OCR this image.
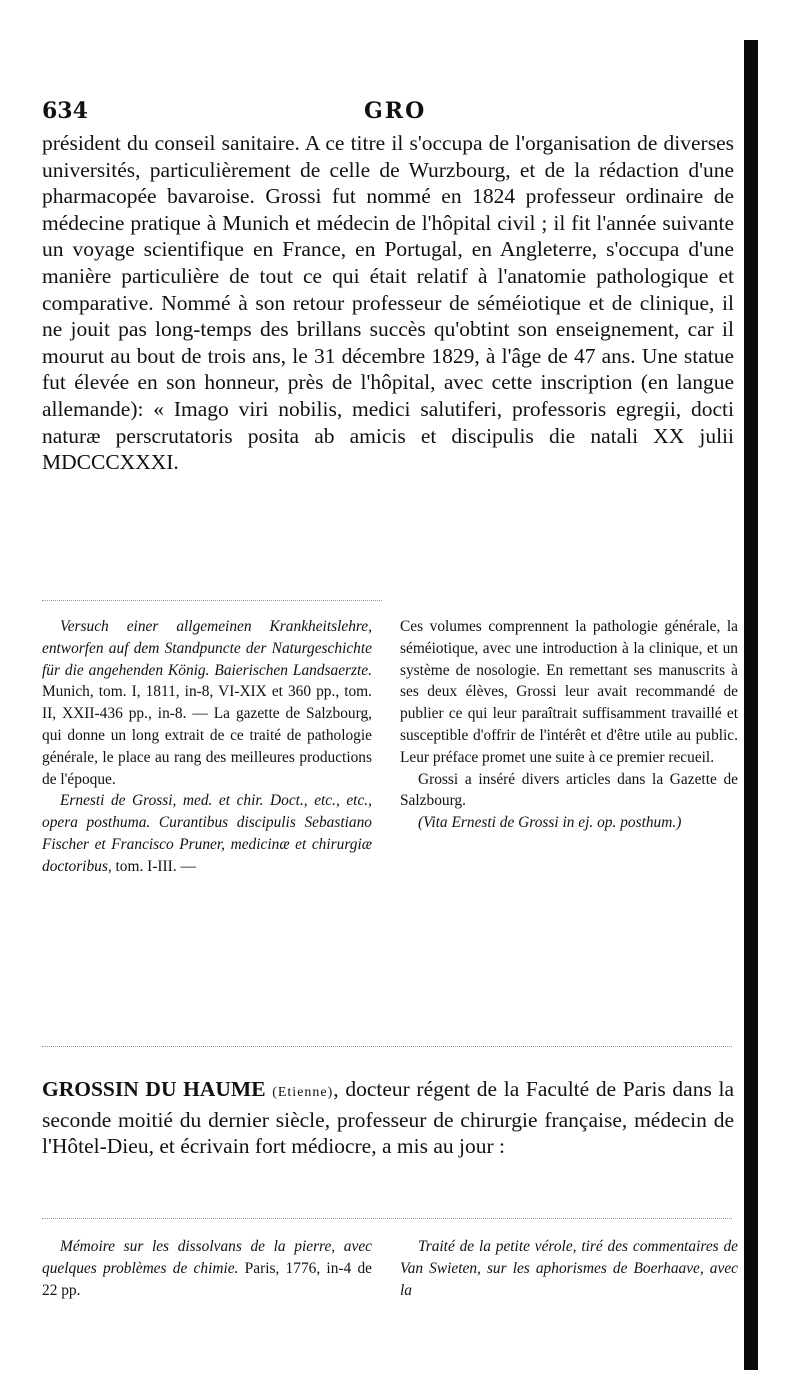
634	GRO

président du conseil sanitaire. A ce titre il s'occupa de l'organisation de diverses universités, particulièrement de celle de Wurzbourg, et de la rédaction d'une pharmacopée bavaroise. Grossi fut nommé en 1824 professeur ordinaire de médecine pratique à Munich et médecin de l'hôpital civil ; il fit l'année suivante un voyage scientifique en France, en Portugal, en Angleterre, s'occupa d'une manière particulière de tout ce qui était relatif à l'anatomie pathologique et comparative. Nommé à son retour professeur de séméiotique et de clinique, il ne jouit pas long-temps des brillans succès qu'obtint son enseignement, car il mourut au bout de trois ans, le 31 décembre 1829, à l'âge de 47 ans. Une statue fut élevée en son honneur, près de l'hôpital, avec cette inscription (en langue allemande): « Imago viri nobilis, medici salutiferi, professoris egregii, docti naturæ perscrutatoris posita ab amicis et discipulis die natali XX julii MDCCCXXXI.

Versuch einer allgemeinen Krankheitslehre, entworfen auf dem Standpuncte der Naturgeschichte für die angehenden König. Baierischen Landsaerzte. Munich, tom. I, 1811, in-8, VI-XIX et 360 pp., tom. II, XXII-436 pp., in-8. — La gazette de Salzbourg, qui donne un long extrait de ce traité de pathologie générale, le place au rang des meilleures productions de l'époque.

Ernesti de Grossi, med. et chir. Doct., etc., etc., opera posthuma. Curantibus discipulis Sebastiano Fischer et Francisco Pruner, medicinæ et chirurgiæ doctoribus, tom. I-III. —

Ces volumes comprennent la pathologie générale, la séméiotique, avec une introduction à la clinique, et un système de nosologie. En remettant ses manuscrits à ses deux élèves, Grossi leur avait recommandé de publier ce qui leur paraîtrait suffisamment travaillé et susceptible d'offrir de l'intérêt et d'être utile au public. Leur préface promet une suite à ce premier recueil.

Grossi a inséré divers articles dans la Gazette de Salzbourg.

(Vita Ernesti de Grossi in ej. op. posthum.)

GROSSIN DU HAUME (Etienne), docteur régent de la Faculté de Paris dans la seconde moitié du dernier siècle, professeur de chirurgie française, médecin de l'Hôtel-Dieu, et écrivain fort médiocre, a mis au jour :

Mémoire sur les dissolvans de la pierre, avec quelques problèmes de chimie. Paris, 1776, in-4 de 22 pp.

Traité de la petite vérole, tiré des commentaires de Van Swieten, sur les aphorismes de Boerhaave, avec la
